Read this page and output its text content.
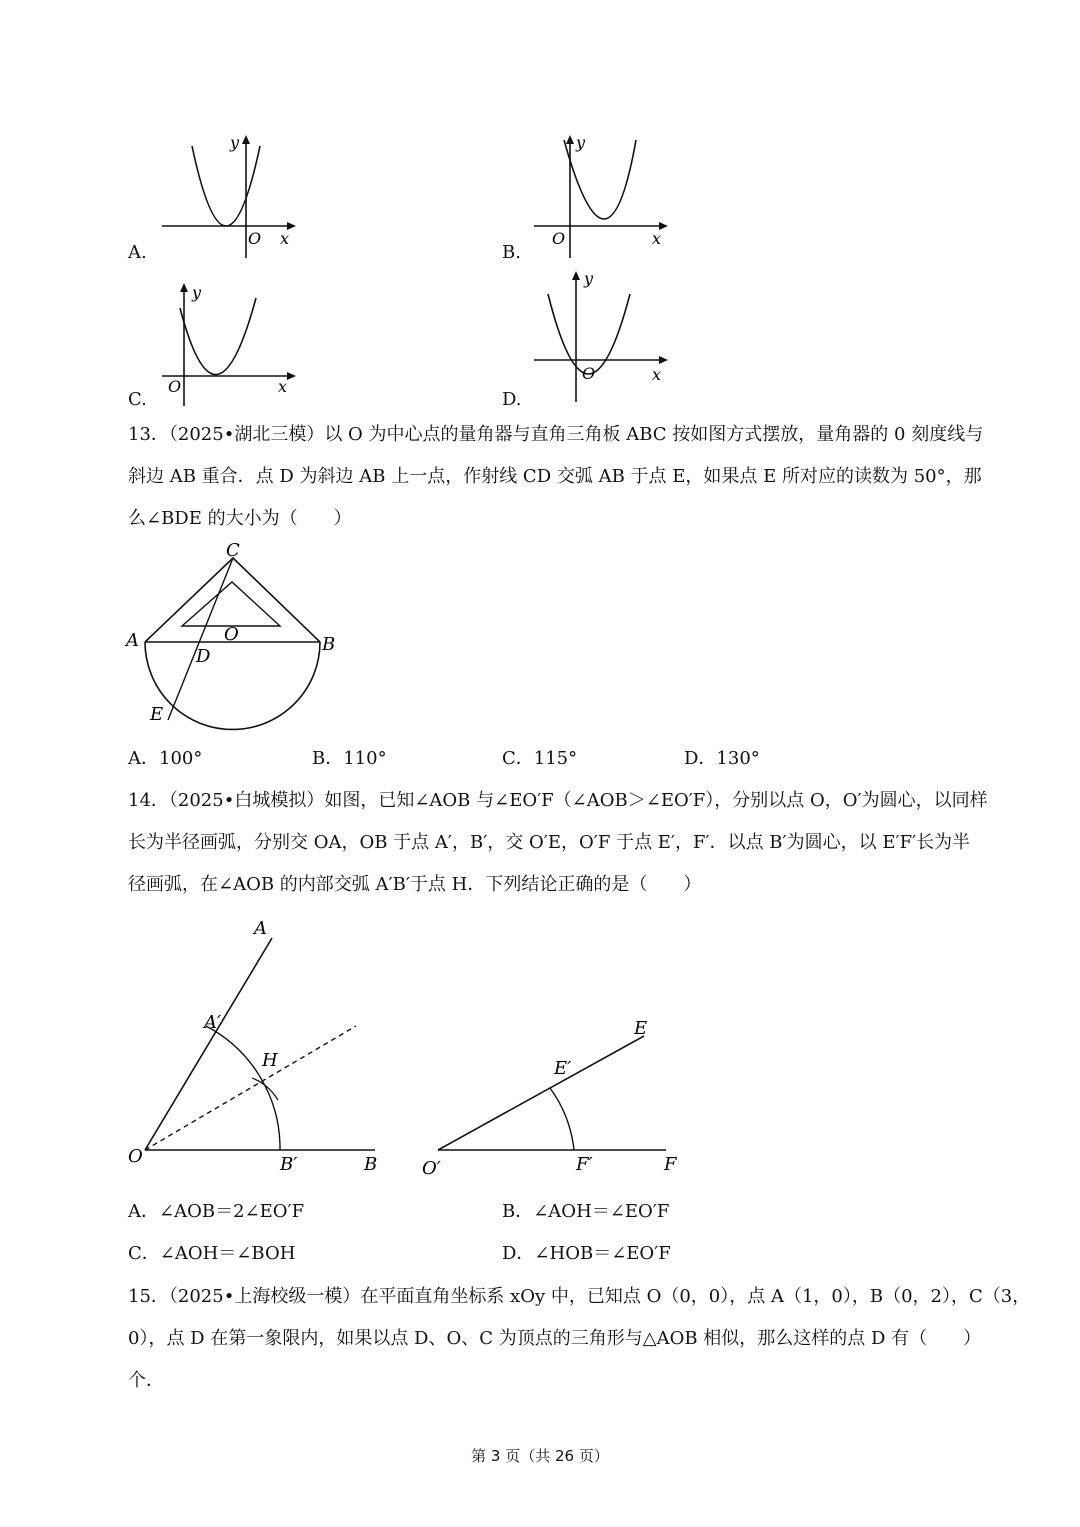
A.
y
O x
B.
y
O	x
C.
y
O	x
D.
y
O	x
13．（2025•湖北三模）以 O 为中心点的量角器与直角三角板 ABC 按如图方式摆放，量角器的 0 刻度线与
斜边 AB 重合．点 D 为斜边 AB 上一点，作射线 CD 交弧 AB 于点 E，如果点 E 所对应的读数为 50°，那
么∠BDE 的大小为（　　）
C
A	B
O
D
E
A．100°	B．110°	C．115°	D．130°
14．（2025•白城模拟）如图，已知∠AOB 与∠EO′F（∠AOB＞∠EO′F），分别以点 O，O′为圆心，以同样
长为半径画弧，分别交 OA，OB 于点 A′，B′，交 O′E，O′F 于点 E′，F′．以点 B′为圆心，以 E′F′长为半
径画弧，在∠AOB 的内部交弧 A′B′于点 H．下列结论正确的是（　　）
A
A′
H
O	B′	B
E
E′
O′	F′	F
A．∠AOB＝2∠EO′F	B．∠AOH＝∠EO′F
C．∠AOH＝∠BOH	D．∠HOB＝∠EO′F
15．（2025•上海校级一模）在平面直角坐标系 xOy 中，已知点 O（0，0），点 A（1，0），B（0，2），C（3，
0），点 D 在第一象限内，如果以点 D、O、C 为顶点的三角形与△AOB 相似，那么这样的点 D 有（　　）
个．
第 3 页（共 26 页）
